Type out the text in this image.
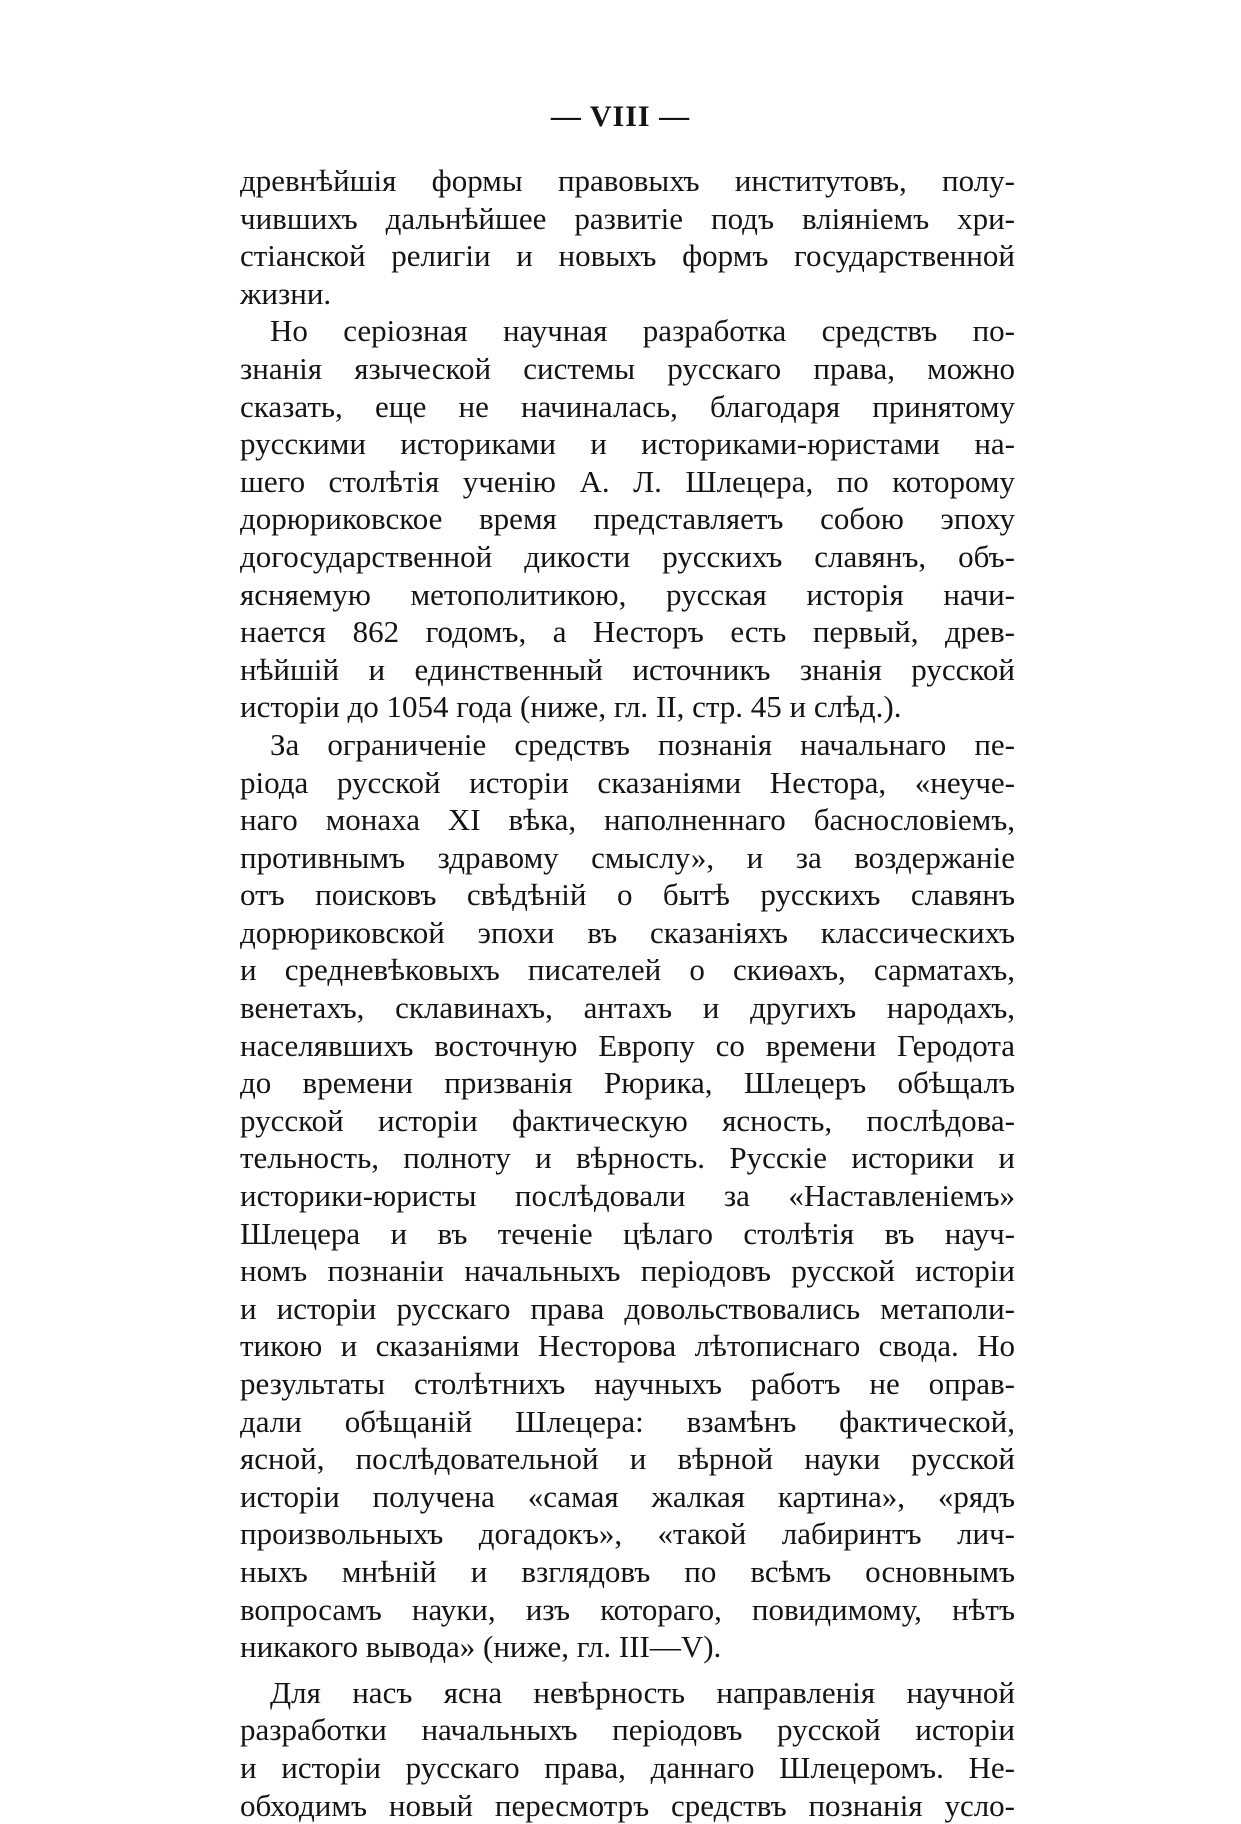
— VIII —
древнѣйшія формы правовыхъ институтовъ, полу-
чившихъ дальнѣйшее развитіе подъ вліяніемъ хри-
стіанской религіи и новыхъ формъ государственной
жизни.
Но серіозная научная разработка средствъ по-
знанія языческой системы русскаго права, можно
сказать, еще не начиналась, благодаря принятому
русскими историками и историками-юристами на-
шего столѣтія ученію А. Л. Шлецера, по которому
дорюриковское время представляетъ собою эпоху
догосударственной дикости русскихъ славянъ, объ-
ясняемую метополитикою, русская исторія начи-
нается 862 годомъ, а Несторъ есть первый, древ-
нѣйшій и единственный источникъ знанія русской
исторіи до 1054 года (ниже, гл. II, стр. 45 и слѣд.).
За ограниченіе средствъ познанія начальнаго пе-
ріода русской исторіи сказаніями Нестора, «неуче-
наго монаха XI вѣка, наполненнаго баснословіемъ,
противнымъ здравому смыслу», и за воздержаніе
отъ поисковъ свѣдѣній о бытѣ русскихъ славянъ
дорюриковской эпохи въ сказаніяхъ классическихъ
и средневѣковыхъ писателей о скиѳахъ, сарматахъ,
венетахъ, склавинахъ, антахъ и другихъ народахъ,
населявшихъ восточную Европу со времени Геродота
до времени призванія Рюрика, Шлецеръ обѣщалъ
русской исторіи фактическую ясность, послѣдова-
тельность, полноту и вѣрность. Русскіе историки и
историки-юристы послѣдовали за «Наставленіемъ»
Шлецера и въ теченіе цѣлаго столѣтія въ науч-
номъ познаніи начальныхъ періодовъ русской исторіи
и исторіи русскаго права довольствовались метаполи-
тикою и сказаніями Несторова лѣтописнаго свода. Но
результаты столѣтнихъ научныхъ работъ не оправ-
дали обѣщаній Шлецера: взамѣнъ фактической,
ясной, послѣдовательной и вѣрной науки русской
исторіи получена «самая жалкая картина», «рядъ
произвольныхъ догадокъ», «такой лабиринтъ лич-
ныхъ мнѣній и взглядовъ по всѣмъ основнымъ
вопросамъ науки, изъ котораго, повидимому, нѣтъ
никакого вывода» (ниже, гл. III—V).
Для насъ ясна невѣрность направленія научной
разработки начальныхъ періодовъ русской исторіи
и исторіи русскаго права, даннаго Шлецеромъ. Не-
обходимъ новый пересмотръ средствъ познанія усло-
